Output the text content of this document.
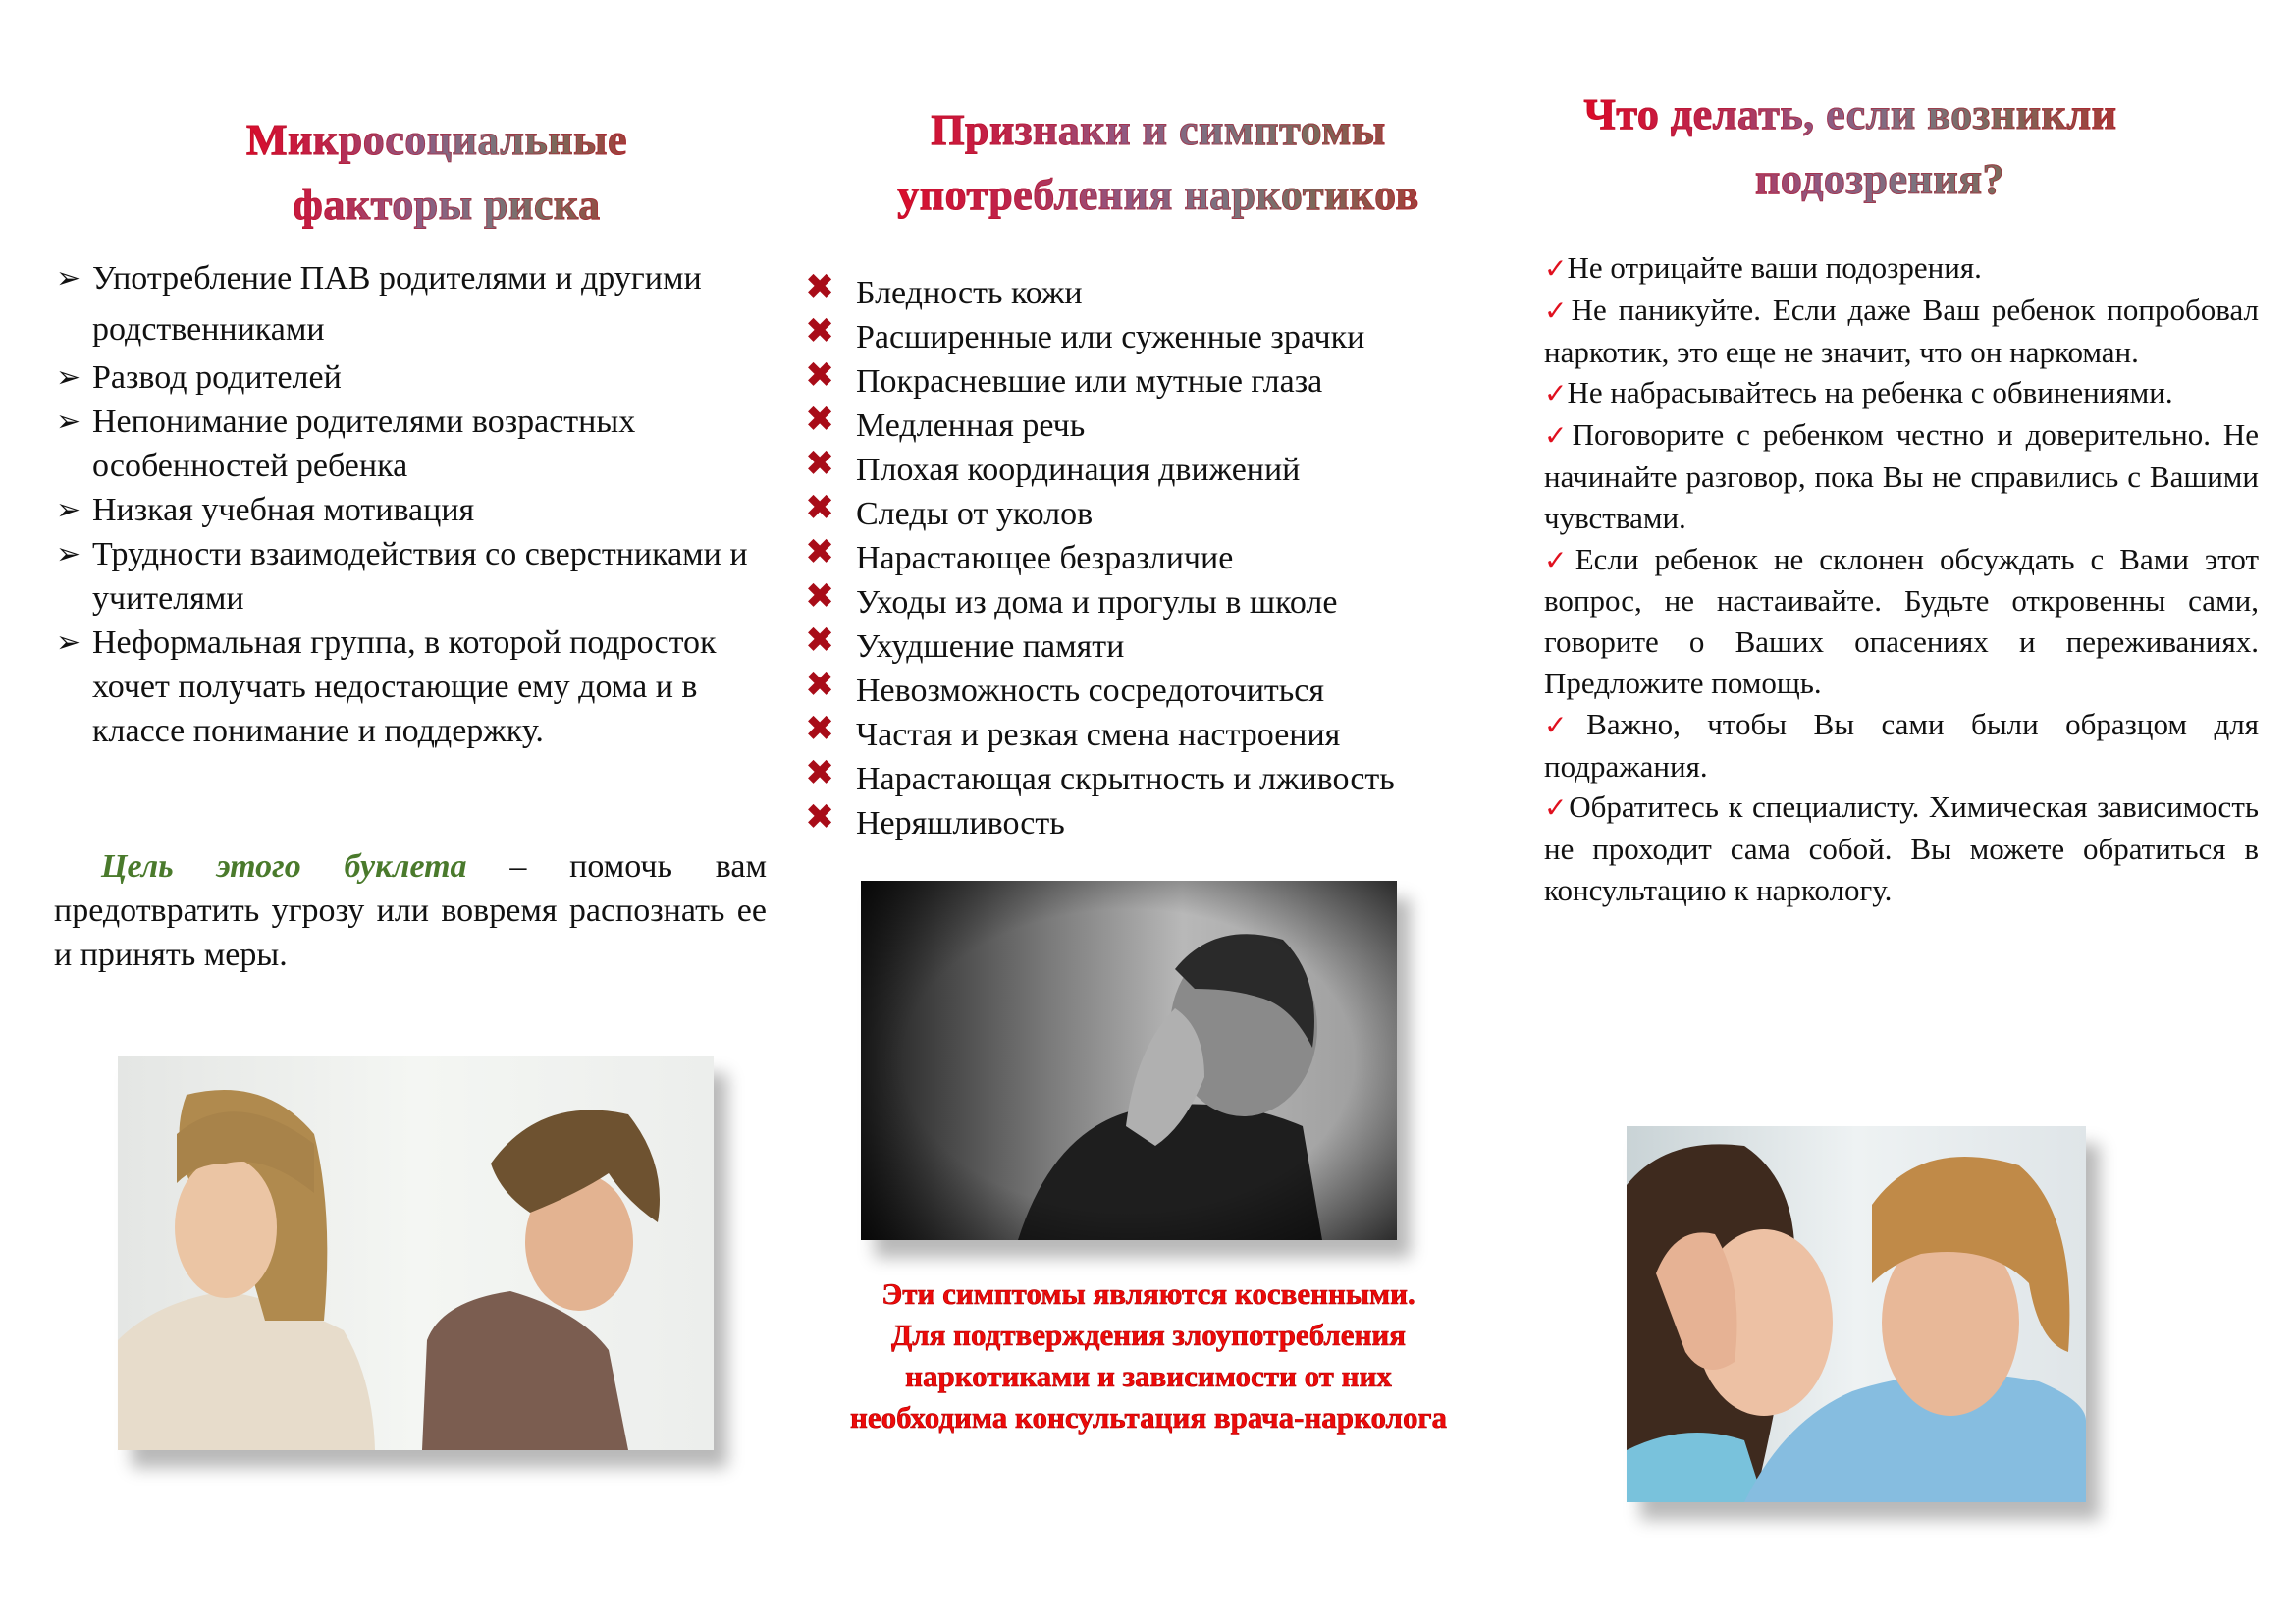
Микросоциальные
факторы риска
➢ Употребление ПАВ родителями и другими родственниками
➢ Развод родителей
➢ Непонимание родителями возрастных особенностей ребенка
➢ Низкая учебная мотивация
➢ Трудности взаимодействия со сверстниками и учителями
➢ Неформальная группа, в которой подросток хочет получать недостающие ему дома и в классе понимание и поддержку.
Цель этого буклета – помочь вам предотвратить угрозу или вовремя распознать ее и принять меры.
Признаки и симптомы
употребления наркотиков
✖ Бледность кожи
✖ Расширенные или суженные зрачки
✖ Покрасневшие или мутные глаза
✖ Медленная речь
✖ Плохая координация движений
✖ Следы от уколов
✖ Нарастающее безразличие
✖ Уходы из дома и прогулы в школе
✖ Ухудшение памяти
✖ Невозможность сосредоточиться
✖ Частая и резкая смена настроения
✖ Нарастающая скрытность и лживость
✖ Неряшливость
Эти симптомы являются косвенными.
Для подтверждения злоупотребления
наркотиками и зависимости от них
необходима консультация врача-нарколога
Что делать, если возникли
подозрения?

✓Не отрицайте ваши подозрения.

✓Не паникуйте. Если даже Ваш ребенок попробовал наркотик, это еще не значит, что он наркоман.

✓Не набрасывайтесь на ребенка с обвинениями.

✓Поговорите с ребенком честно и доверительно. Не начинайте разговор, пока Вы не справились с Вашими чувствами.

✓Если ребенок не склонен обсуждать с Вами этот вопрос, не настаивайте. Будьте откровенны сами, говорите о Ваших опасениях и переживаниях. Предложите помощь.

✓Важно, чтобы Вы сами были образцом для подражания.

✓Обратитесь к специалисту. Химическая зависимость не проходит сама собой. Вы можете обратиться в консультацию к наркологу.
